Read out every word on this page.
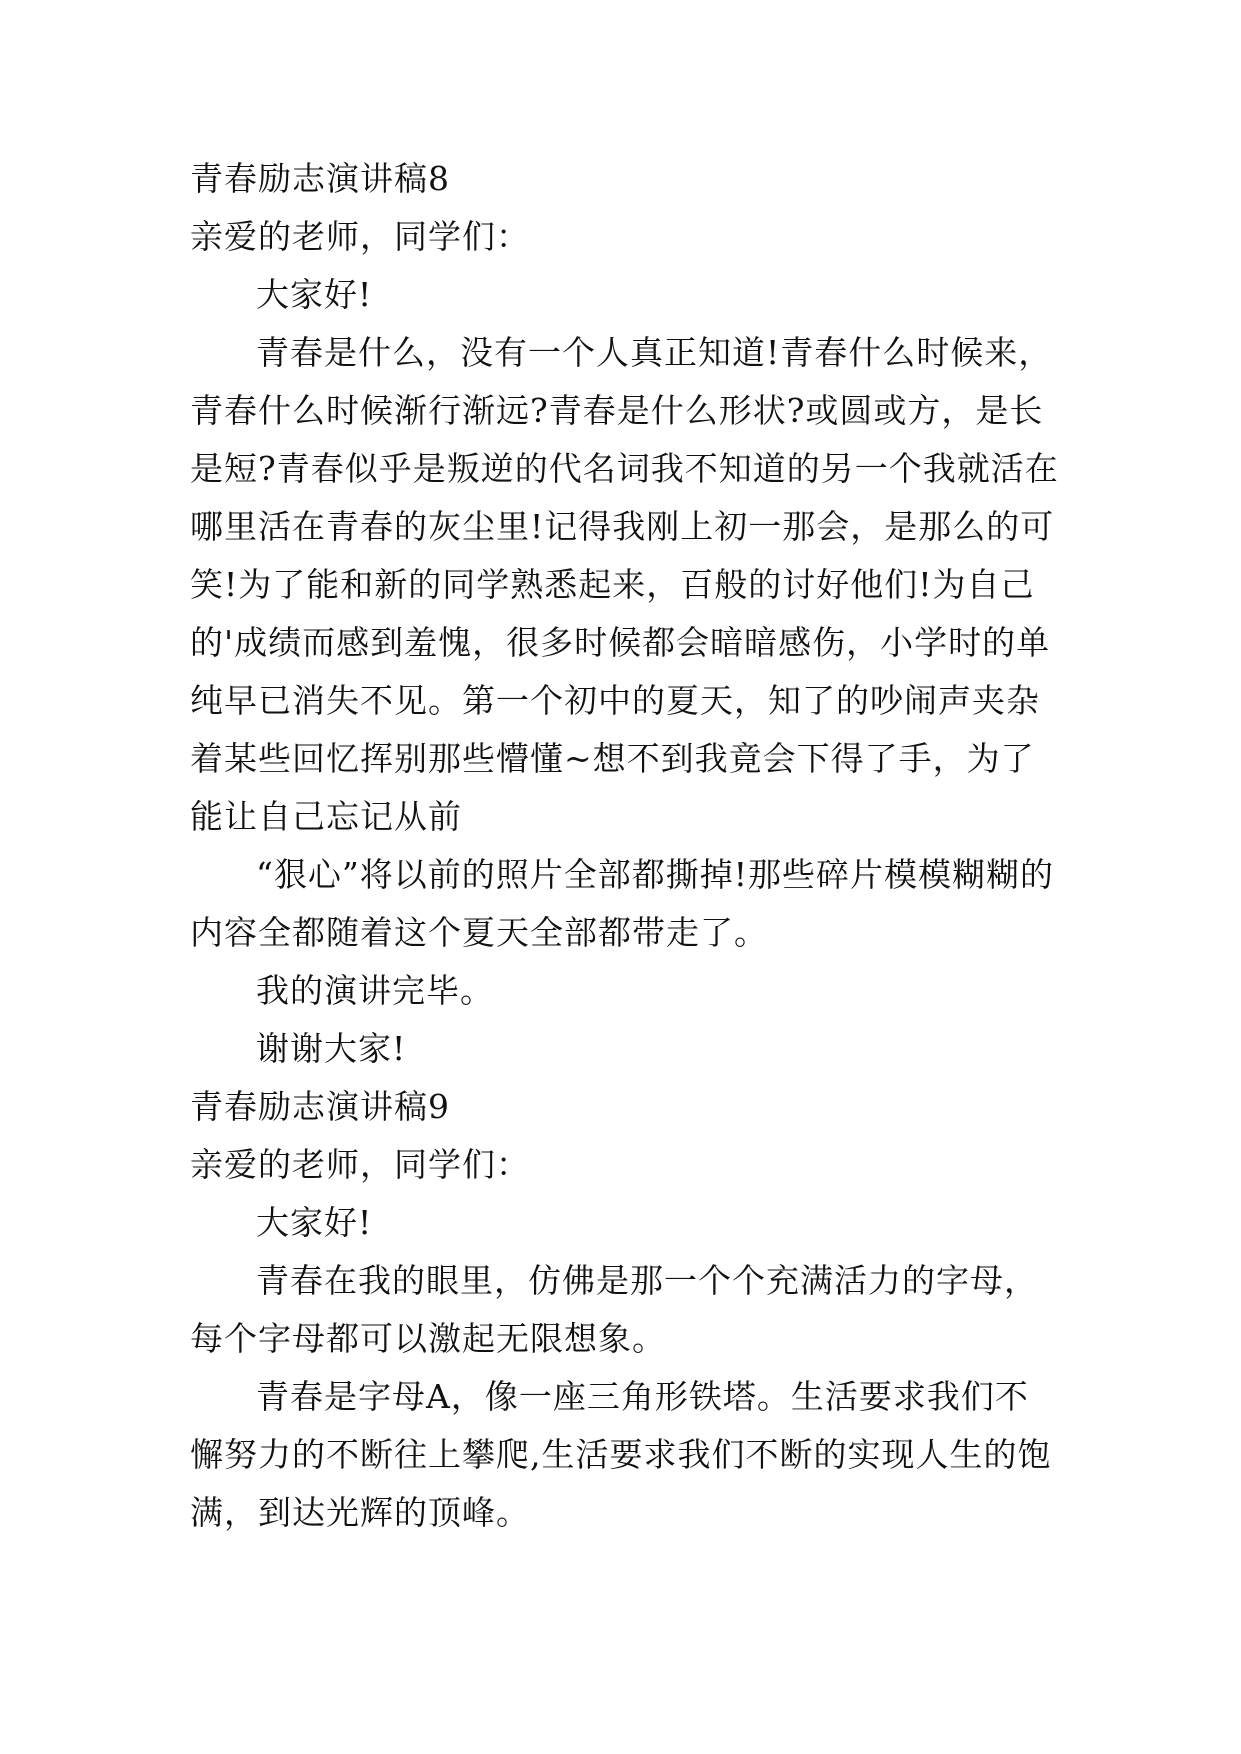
青春励志演讲稿8

亲爱的老师，同学们：

大家好!

青春是什么，没有一个人真正知道!青春什么时候来，青春什么时候渐行渐远?青春是什么形状?或圆或方，是长是短?青春似乎是叛逆的代名词我不知道的另一个我就活在哪里活在青春的灰尘里!记得我刚上初一那会，是那么的可笑!为了能和新的同学熟悉起来，百般的讨好他们!为自己的'成绩而感到羞愧，很多时候都会暗暗感伤，小学时的单纯早已消失不见。第一个初中的夏天，知了的吵闹声夹杂着某些回忆挥别那些懵懂~想不到我竟会下得了手，为了能让自己忘记从前

“狠心”将以前的照片全部都撕掉!那些碎片模模糊糊的内容全都随着这个夏天全部都带走了。

我的演讲完毕。

谢谢大家!

青春励志演讲稿9

亲爱的老师，同学们：

大家好!

青春在我的眼里，仿佛是那一个个充满活力的字母，每个字母都可以激起无限想象。

青春是字母A，像一座三角形铁塔。生活要求我们不懈努力的不断往上攀爬,生活要求我们不断的实现人生的饱满，到达光辉的顶峰。
